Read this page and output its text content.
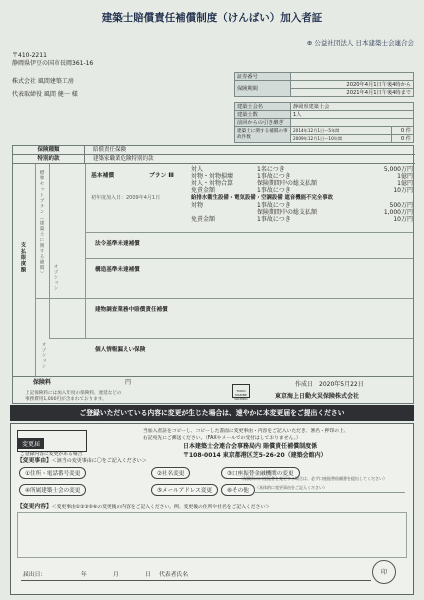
建築士賠償責任補償制度（けんばい）加入者証
⊕ 公益社団法人 日本建築士会連合会
〒410-2211
静岡県伊豆の国市長岡361-16
株式会社 風間建築工房
代表取締役 風間 健一 様
証券番号	
保険期間	2020年4月1日午後4時から
	2021年4月1日午後4時まで
建築士会名	静岡県建築士会	
建築士数	1人	
前回からの引き継ぎ		
建築士に関する補償の事故件数	2014年12月1日〜5年間	0 件
	2009年12月1日〜10年間	0 件
保険種類	賠償責任保険
特別約款	建築家職業危険特別約款
支払限度額	標準セットプラン（建築士に関する補償）	基本補償	プラン Ⅲ
初年度加入日：2009年4月1日
対人	1名につき	5,000万円
対物・対物損壊	1事故につき	1億円
対人・対物合算	保険期間中の総支払額	1億円
免責金額	1事故につき	10万円
給排水衛生設備・電気設備・空調設備 遮音機能不完全事故
対物	1事故につき	500万円
保険期間中の総支払額	1,000万円
免責金額	1事故につき	10万円
法令基準未達補償
オプション	構造基準未達補償
建物調査業務中賠償責任補償
オプション	個人情報漏えい保険
保険料	円
上記保険料には加入年度の保険料、遅延などの
事務費用1,000円が含まれております。
作成日　 2020年5月22日
東京海上日動火災保険株式会社
TOKIO MARINE NICHIDO
ご登録いただいている内容に変更が生じた場合は、速やかに本変更届をご提出ください
変更届
ご登録内容に変更がある場合
当加入者証をコピーし、コピーした書面に変更事由・内容をご記入いただき、署名・押印の上、
右記宛先にご郵送ください。（FAXやメールでの受付はしておりません。）
日本建築士会連合会事務局内 賠償責任補償制度係
〒108-0014 東京都港区芝5-26-20（建築会館内）
【変更事由】＜該当の変更事由に〇をご記入ください＞
①住所・電話番号変更	②社名変更	③口座振替金融機関の変更
（保険料の口座振替を変更する場合は、必ず口座振替依頼書を提出してください）
④所属建築士会の変更	⑤メールアドレス変更	⑥その他
（具体的に変更事由をご記入ください）
【変更内容】＜変更事由①②③⑤⑥の変更後の内容をご記入ください。例、変更後の住所や社名をご記入ください＞
届出日：	年	月	日 代表者氏名	印
